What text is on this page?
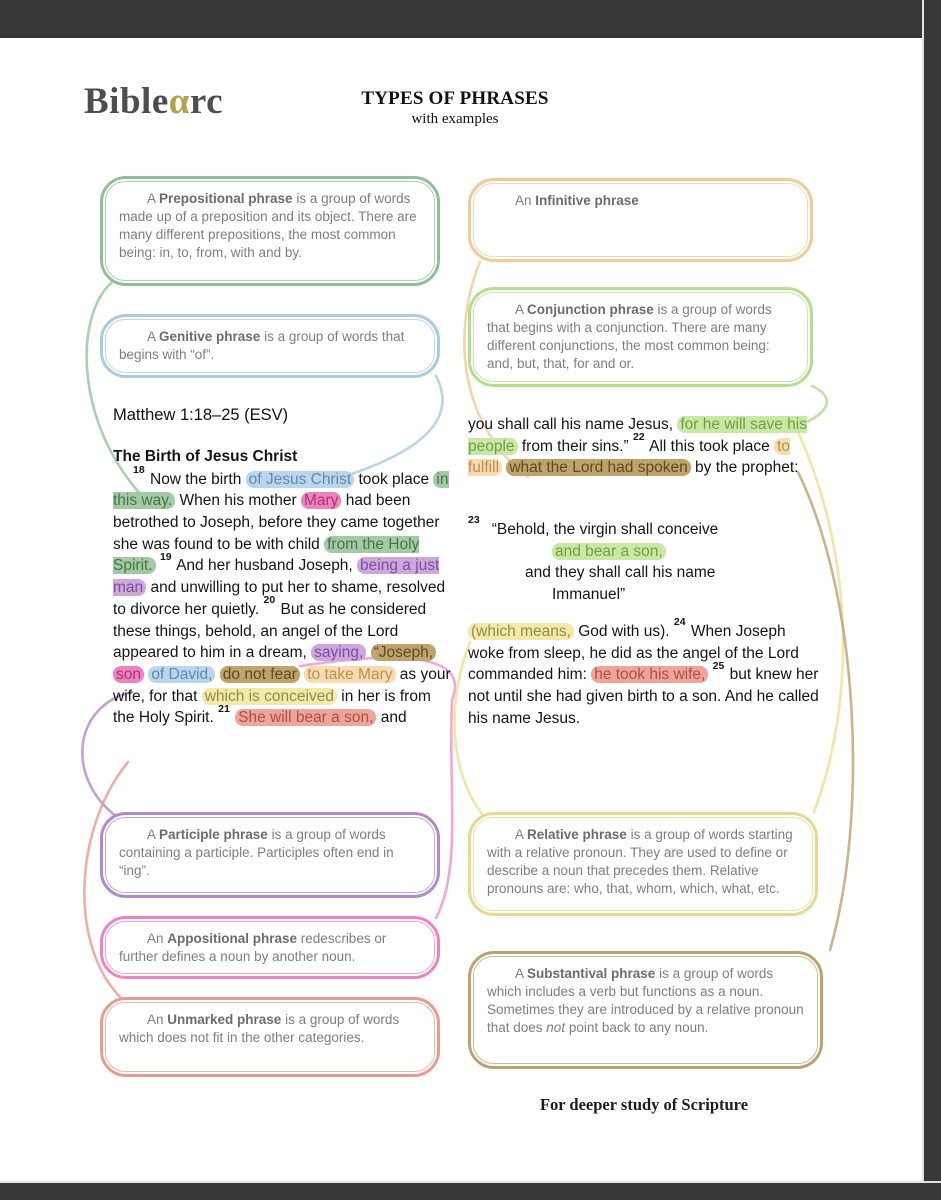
Bibleαrc	TYPES OF PHRASES
with examples

A Prepositional phrase is a group of words made up of a preposition and its object. There are many different prepositions, the most common being: in, to, from, with and by.

A Genitive phrase is a group of words that begins with “of”.

Matthew 1:18–25 (ESV)
The Birth of Jesus Christ

$^{18}$ Now the birth of Jesus Christ took place in this way. When his mother Mary had been betrothed to Joseph, before they came together she was found to be with child from the Holy Spirit. $^{19}$ And her husband Joseph, being a just man and unwilling to put her to shame, resolved to divorce her quietly. $^{20}$ But as he considered these things, behold, an angel of the Lord appeared to him in a dream, saying, “Joseph, son of David, do not fear to take Mary as your wife, for that which is conceived in her is from the Holy Spirit. $^{21}$ She will bear a son, and

A Participle phrase is a group of words containing a participle. Participles often end in “ing”.

An Appositional phrase redescribes or further defines a noun by another noun.

An Unmarked phrase is a group of words which does not fit in the other categories.

An Infinitive phrase

A Conjunction phrase is a group of words that begins with a conjunction. There are many different conjunctions, the most common being: and, but, that, for and or.

you shall call his name Jesus, for he will save his people from their sins.” $^{22}$ All this took place to fulfill what the Lord had spoken by the prophet:

$^{23}$“Behold, the virgin shall conceive
and bear a son,
and they shall call his name
Immanuel”

(which means, God with us). $^{24}$ When Joseph woke from sleep, he did as the angel of the Lord commanded him: he took his wife, $^{25}$ but knew her not until she had given birth to a son. And he called his name Jesus.

A Relative phrase is a group of words starting with a relative pronoun. They are used to define or describe a noun that precedes them. Relative pronouns are: who, that, whom, which, what, etc.

A Substantival phrase is a group of words which includes a verb but functions as a noun. Sometimes they are introduced by a relative pronoun that does not point back to any noun.

For deeper study of Scripture
